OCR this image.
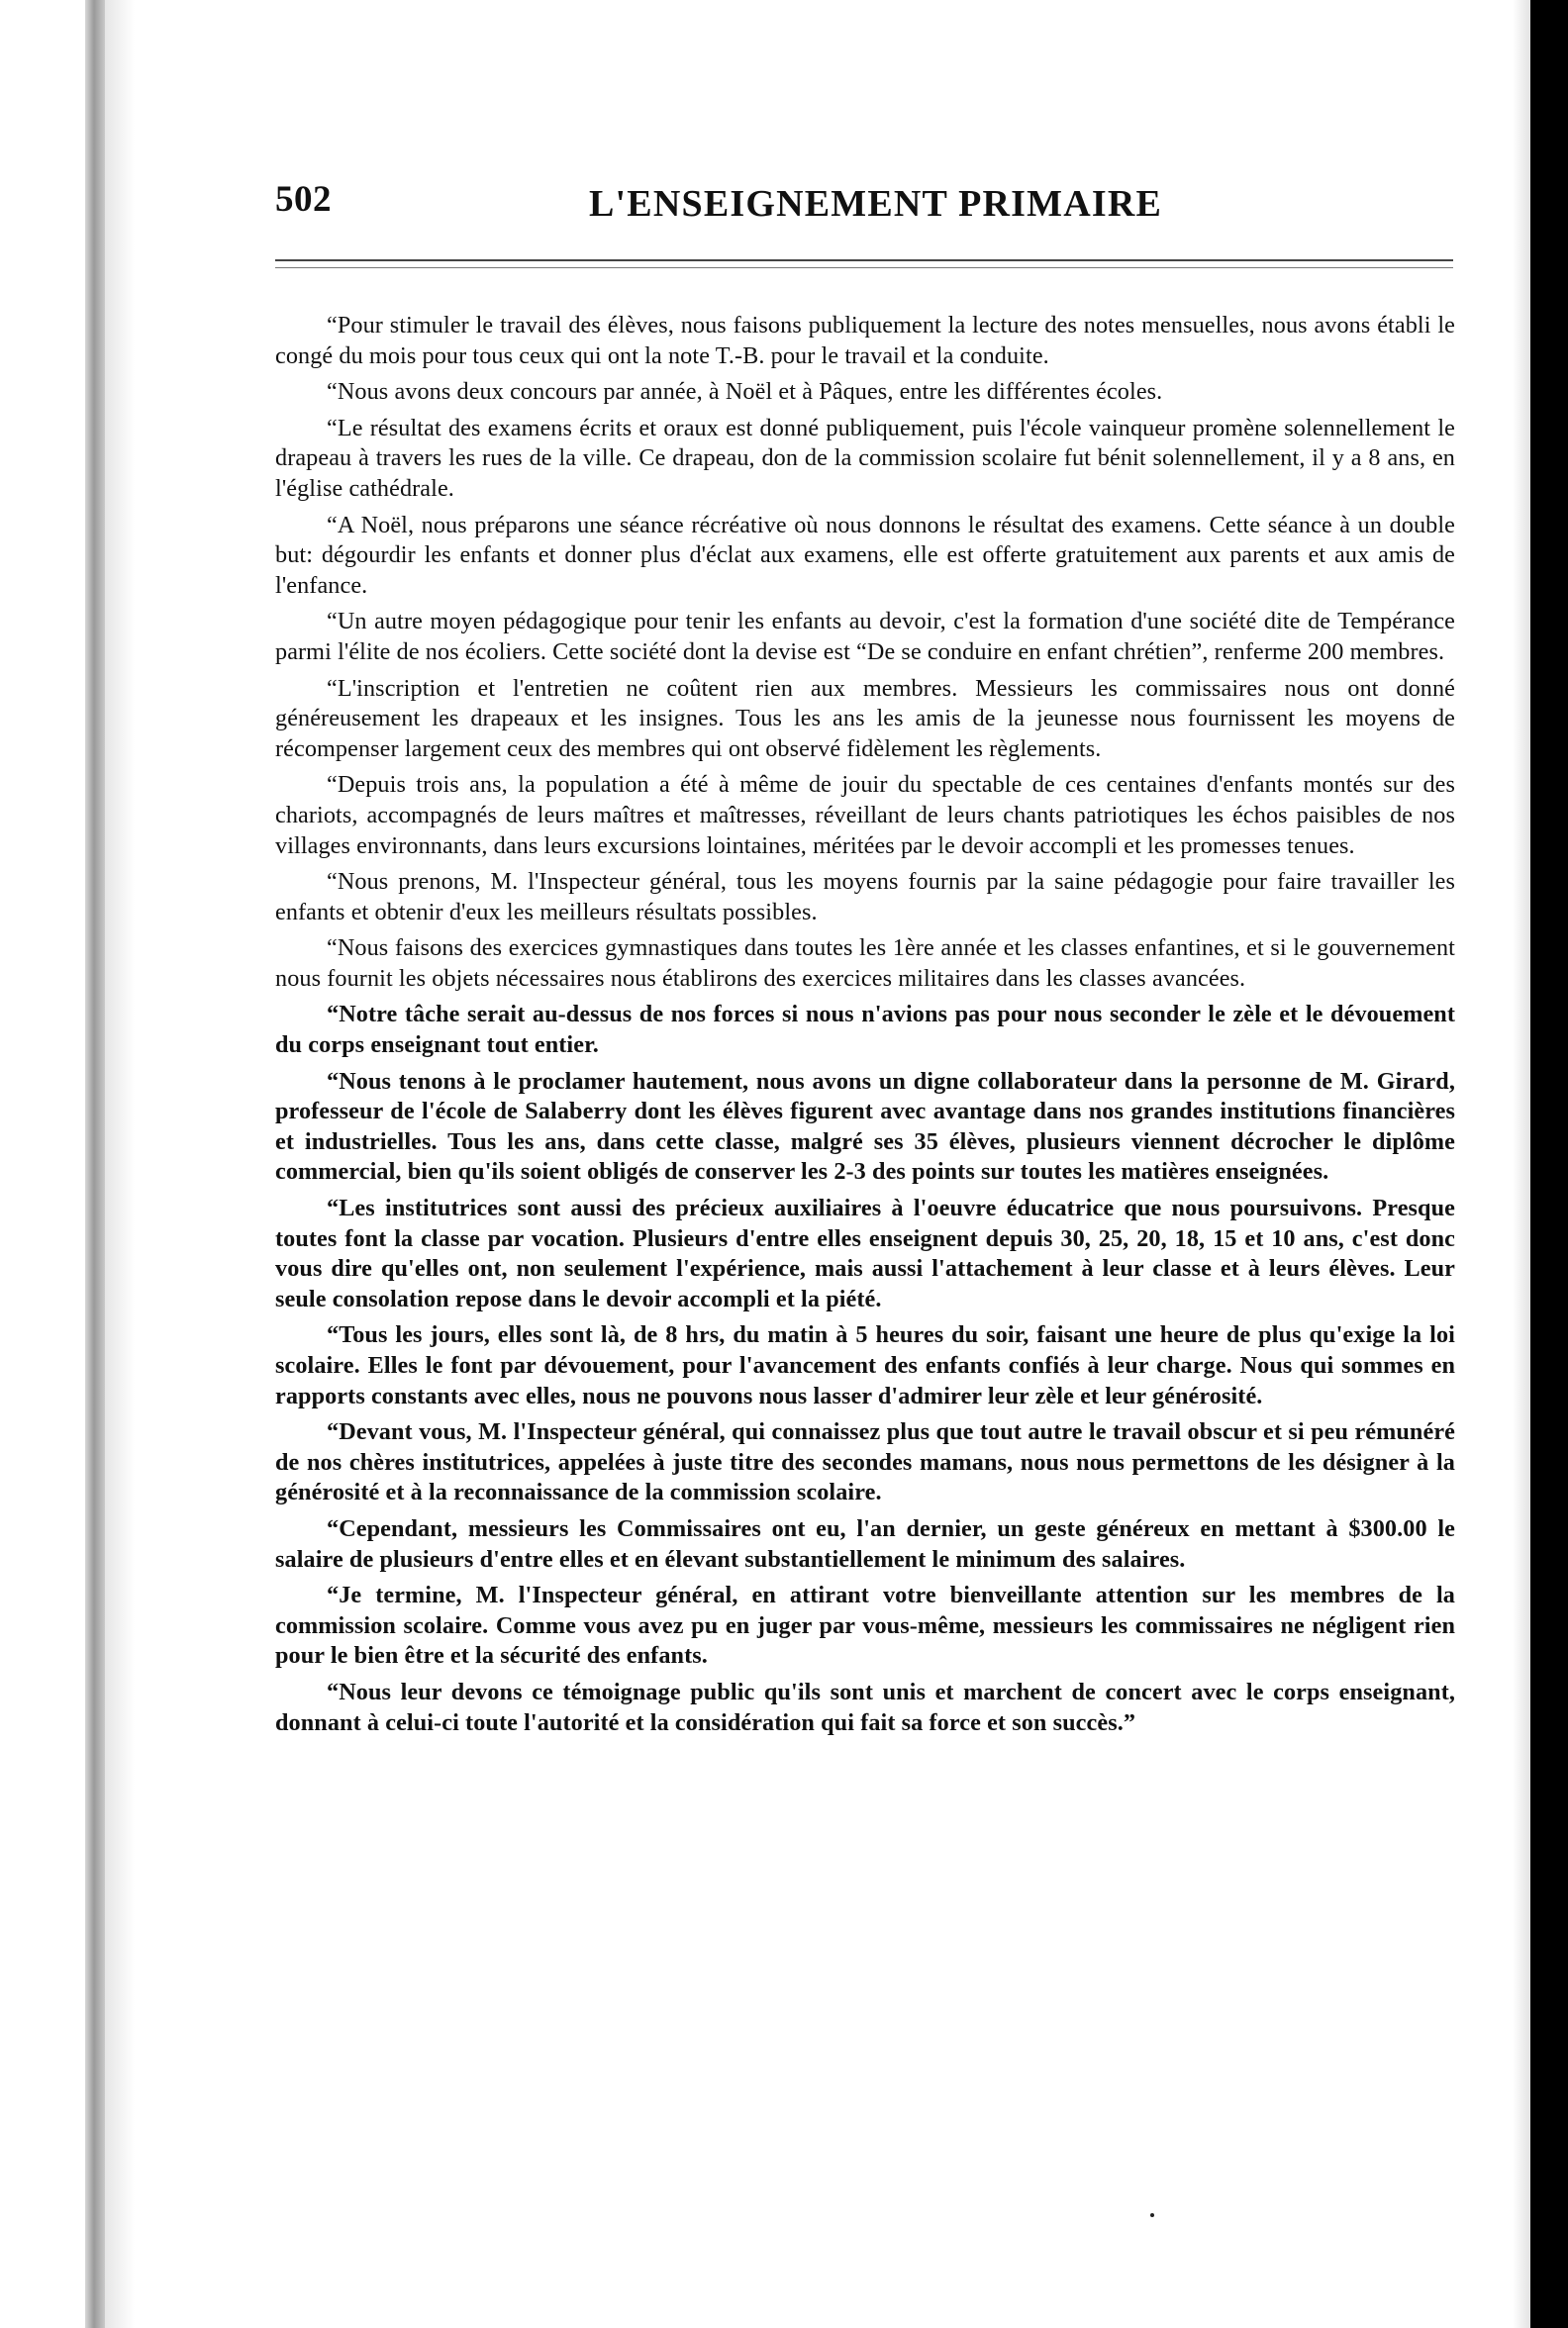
502	L'ENSEIGNEMENT PRIMAIRE

“Pour stimuler le travail des élèves, nous faisons publiquement la lecture des notes mensuelles, nous avons établi le congé du mois pour tous ceux qui ont la note T.-B. pour le travail et la conduite.

“Nous avons deux concours par année, à Noël et à Pâques, entre les différentes écoles.

“Le résultat des examens écrits et oraux est donné publiquement, puis l'école vainqueur promène solennellement le drapeau à travers les rues de la ville. Ce drapeau, don de la commission scolaire fut bénit solennellement, il y a 8 ans, en l'église cathédrale.

“A Noël, nous préparons une séance récréative où nous donnons le résultat des examens. Cette séance à un double but: dégourdir les enfants et donner plus d'éclat aux examens, elle est offerte gratuitement aux parents et aux amis de l'enfance.

“Un autre moyen pédagogique pour tenir les enfants au devoir, c'est la formation d'une société dite de Tempérance parmi l'élite de nos écoliers. Cette société dont la devise est “De se conduire en enfant chrétien”, renferme 200 membres.

“L'inscription et l'entretien ne coûtent rien aux membres. Messieurs les commissaires nous ont donné généreusement les drapeaux et les insignes. Tous les ans les amis de la jeunesse nous fournissent les moyens de récompenser largement ceux des membres qui ont observé fidèlement les règlements.

“Depuis trois ans, la population a été à même de jouir du spectable de ces centaines d'enfants montés sur des chariots, accompagnés de leurs maîtres et maîtresses, réveillant de leurs chants patriotiques les échos paisibles de nos villages environnants, dans leurs excursions lointaines, méritées par le devoir accompli et les promesses tenues.

“Nous prenons, M. l'Inspecteur général, tous les moyens fournis par la saine pédagogie pour faire travailler les enfants et obtenir d'eux les meilleurs résultats possibles.

“Nous faisons des exercices gymnastiques dans toutes les 1ère année et les classes enfantines, et si le gouvernement nous fournit les objets nécessaires nous établirons des exercices militaires dans les classes avancées.

“Notre tâche serait au-dessus de nos forces si nous n'avions pas pour nous seconder le zèle et le dévouement du corps enseignant tout entier.

“Nous tenons à le proclamer hautement, nous avons un digne collaborateur dans la personne de M. Girard, professeur de l'école de Salaberry dont les élèves figurent avec avantage dans nos grandes institutions financières et industrielles. Tous les ans, dans cette classe, malgré ses 35 élèves, plusieurs viennent décrocher le diplôme commercial, bien qu'ils soient obligés de conserver les 2-3 des points sur toutes les matières enseignées.

“Les institutrices sont aussi des précieux auxiliaires à l'oeuvre éducatrice que nous poursuivons. Presque toutes font la classe par vocation. Plusieurs d'entre elles enseignent depuis 30, 25, 20, 18, 15 et 10 ans, c'est donc vous dire qu'elles ont, non seulement l'expérience, mais aussi l'attachement à leur classe et à leurs élèves. Leur seule consolation repose dans le devoir accompli et la piété.

“Tous les jours, elles sont là, de 8 hrs, du matin à 5 heures du soir, faisant une heure de plus qu'exige la loi scolaire. Elles le font par dévouement, pour l'avancement des enfants confiés à leur charge. Nous qui sommes en rapports constants avec elles, nous ne pouvons nous lasser d'admirer leur zèle et leur générosité.

“Devant vous, M. l'Inspecteur général, qui connaissez plus que tout autre le travail obscur et si peu rémunéré de nos chères institutrices, appelées à juste titre des secondes mamans, nous nous permettons de les désigner à la générosité et à la reconnaissance de la commission scolaire.

“Cependant, messieurs les Commissaires ont eu, l'an dernier, un geste généreux en mettant à $300.00 le salaire de plusieurs d'entre elles et en élevant substantiellement le minimum des salaires.

“Je termine, M. l'Inspecteur général, en attirant votre bienveillante attention sur les membres de la commission scolaire. Comme vous avez pu en juger par vous-même, messieurs les commissaires ne négligent rien pour le bien être et la sécurité des enfants.

“Nous leur devons ce témoignage public qu'ils sont unis et marchent de concert avec le corps enseignant, donnant à celui-ci toute l'autorité et la considération qui fait sa force et son succès.”
